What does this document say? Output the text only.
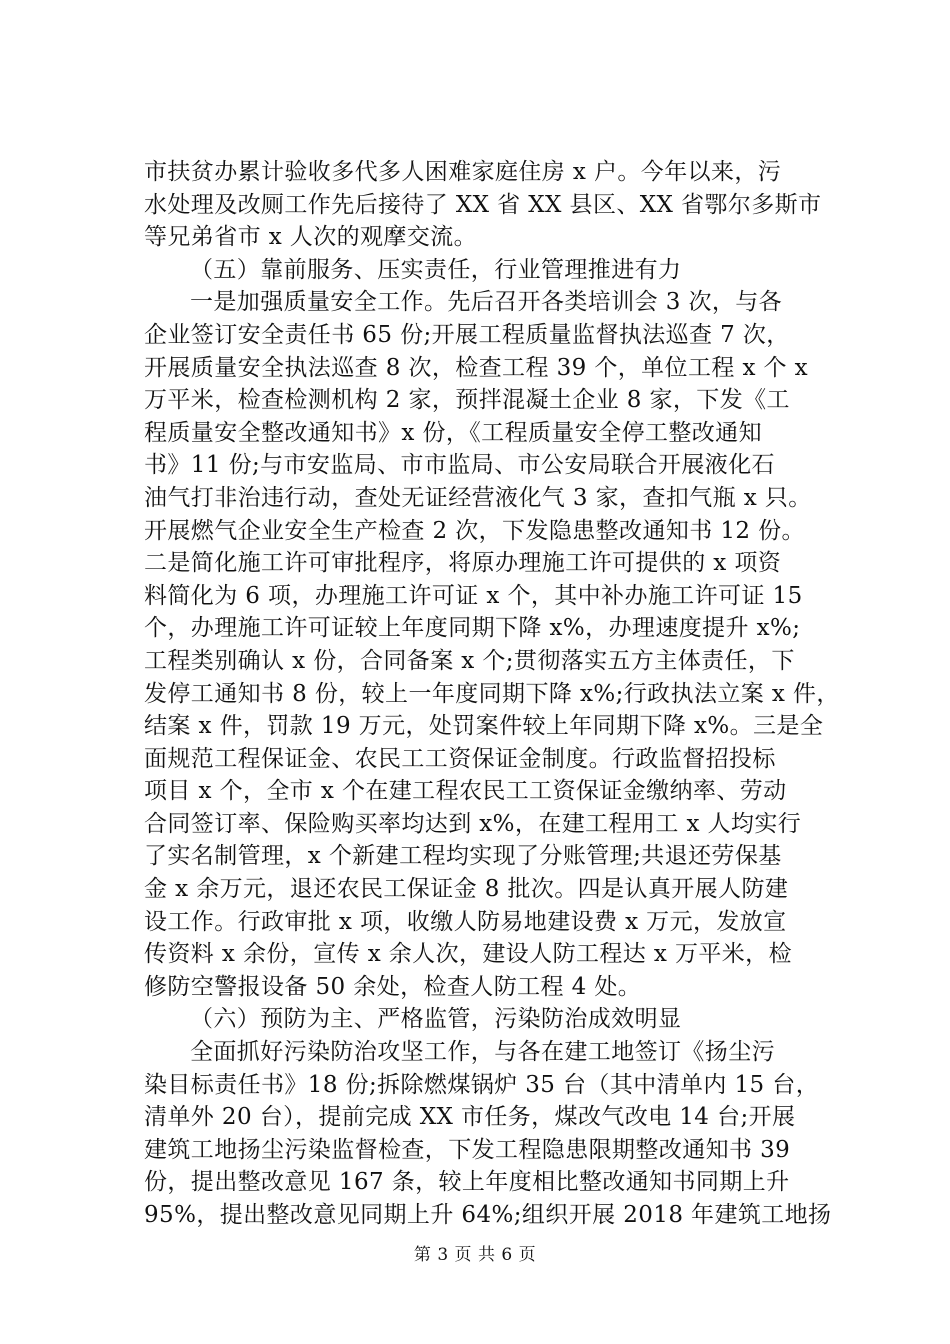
市扶贫办累计验收多代多人困难家庭住房 x 户。今年以来，污
水处理及改厕工作先后接待了 XX 省 XX 县区、XX 省鄂尔多斯市
等兄弟省市 x 人次的观摩交流。
（五）靠前服务、压实责任，行业管理推进有力
一是加强质量安全工作。先后召开各类培训会 3 次，与各
企业签订安全责任书 65 份;开展工程质量监督执法巡查 7 次，
开展质量安全执法巡查 8 次，检查工程 39 个，单位工程 x 个 x
万平米，检查检测机构 2 家，预拌混凝土企业 8 家，下发《工
程质量安全整改通知书》x 份，《工程质量安全停工整改通知
书》11 份;与市安监局、市市监局、市公安局联合开展液化石
油气打非治违行动，查处无证经营液化气 3 家，查扣气瓶 x 只。
开展燃气企业安全生产检查 2 次，下发隐患整改通知书 12 份。
二是简化施工许可审批程序，将原办理施工许可提供的 x 项资
料简化为 6 项，办理施工许可证 x 个，其中补办施工许可证 15
个，办理施工许可证较上年度同期下降 x%，办理速度提升 x%;
工程类别确认 x 份，合同备案 x 个;贯彻落实五方主体责任，下
发停工通知书 8 份，较上一年度同期下降 x%;行政执法立案 x 件，
结案 x 件，罚款 19 万元，处罚案件较上年同期下降 x%。三是全
面规范工程保证金、农民工工资保证金制度。行政监督招投标
项目 x 个，全市 x 个在建工程农民工工资保证金缴纳率、劳动
合同签订率、保险购买率均达到 x%，在建工程用工 x 人均实行
了实名制管理，x 个新建工程均实现了分账管理;共退还劳保基
金 x 余万元，退还农民工保证金 8 批次。四是认真开展人防建
设工作。行政审批 x 项，收缴人防易地建设费 x 万元，发放宣
传资料 x 余份，宣传 x 余人次，建设人防工程达 x 万平米，检
修防空警报设备 50 余处，检查人防工程 4 处。
（六）预防为主、严格监管，污染防治成效明显
全面抓好污染防治攻坚工作，与各在建工地签订《扬尘污
染目标责任书》18 份;拆除燃煤锅炉 35 台（其中清单内 15 台，
清单外 20 台），提前完成 XX 市任务，煤改气改电 14 台;开展
建筑工地扬尘污染监督检查，下发工程隐患限期整改通知书 39
份，提出整改意见 167 条，较上年度相比整改通知书同期上升
95%，提出整改意见同期上升 64%;组织开展 2018 年建筑工地扬
第 3 页 共 6 页
